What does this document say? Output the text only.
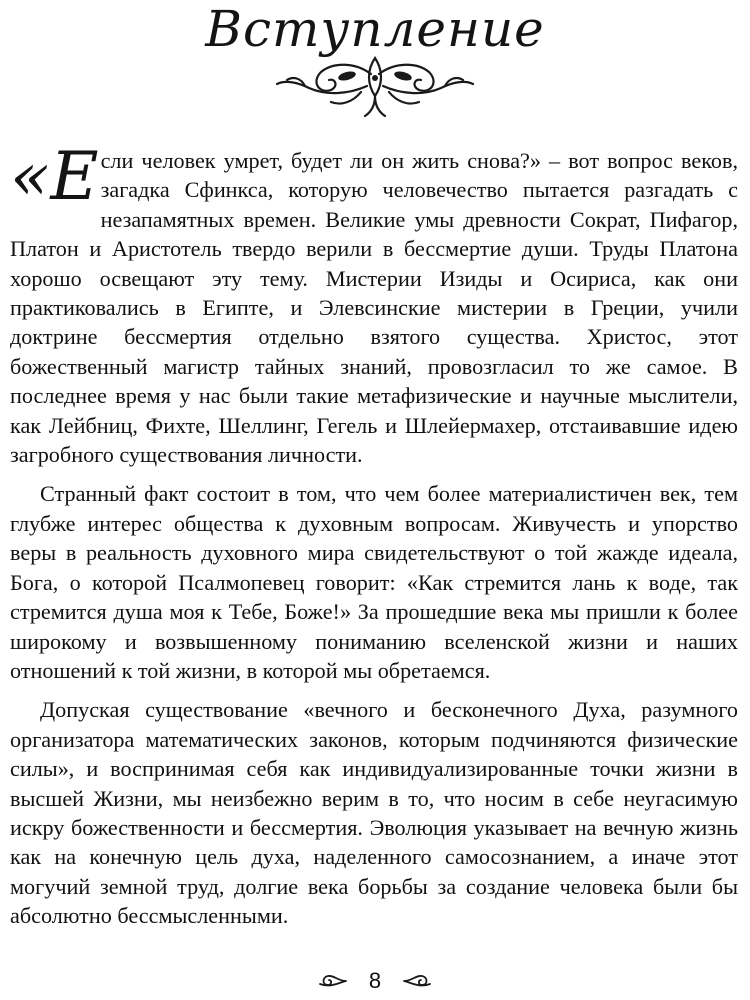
Вступление

«Е сли человек умрет, будет ли он жить снова?» – вот вопрос веков, загадка Сфинкса, которую человечество пытается разгадать с незапамятных времен. Великие умы древности Сократ, Пифагор, Платон и Аристотель твердо верили в бессмертие души. Труды Платона хорошо освещают эту тему. Мистерии Изиды и Осириса, как они практиковались в Египте, и Элевсинские мистерии в Греции, учили доктрине бессмертия отдельно взятого существа. Христос, этот божественный магистр тайных знаний, провозгласил то же самое. В последнее время у нас были такие метафизические и научные мыслители, как Лейбниц, Фихте, Шеллинг, Гегель и Шлейермахер, отстаивавшие идею загробного существования личности.

Странный факт состоит в том, что чем более материалистичен век, тем глубже интерес общества к духовным вопросам. Живучесть и упорство веры в реальность духовного мира свидетельствуют о той жажде идеала, Бога, о которой Псалмопевец говорит: «Как стремится лань к воде, так стремится душа моя к Тебе, Боже!» За прошедшие века мы пришли к более широкому и возвышенному пониманию вселенской жизни и наших отношений к той жизни, в которой мы обретаемся.

Допуская существование «вечного и бесконечного Духа, разумного организатора математических законов, которым подчиняются физические силы», и воспринимая себя как индивидуализированные точки жизни в высшей Жизни, мы неизбежно верим в то, что носим в себе неугасимую искру божественности и бессмертия. Эволюция указывает на вечную жизнь как на конечную цель духа, наделенного самосознанием, а иначе этот могучий земной труд, долгие века борьбы за создание человека были бы абсолютно бессмысленными.

8
